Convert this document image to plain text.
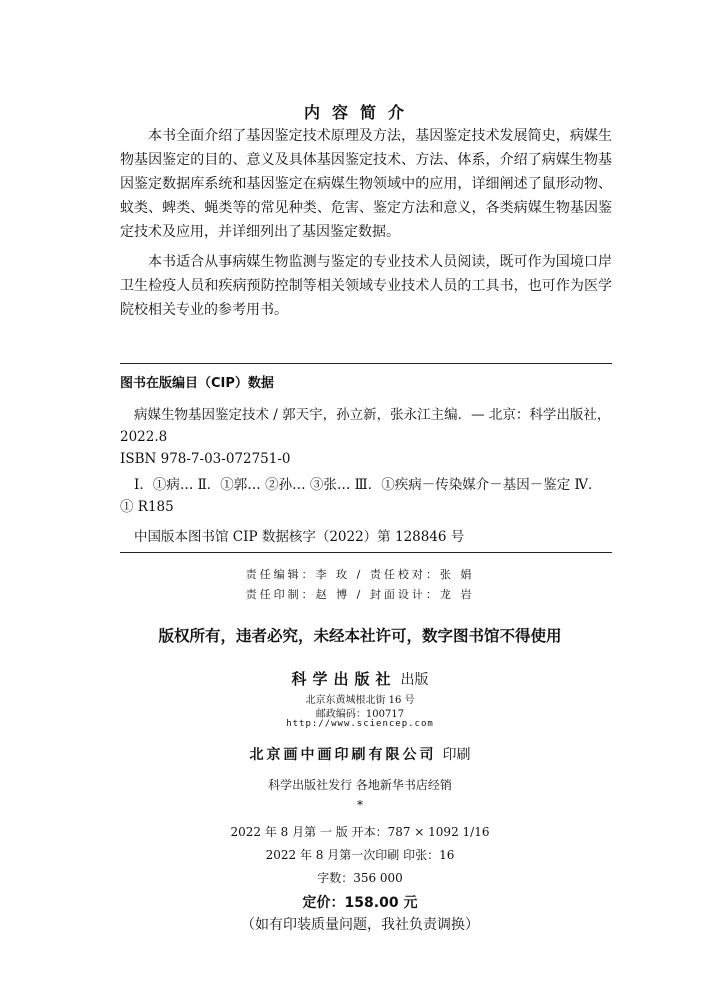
内容简介

本书全面介绍了基因鉴定技术原理及方法，基因鉴定技术发展简史，病媒生物基因鉴定的目的、意义及具体基因鉴定技术、方法、体系，介绍了病媒生物基因鉴定数据库系统和基因鉴定在病媒生物领域中的应用，详细阐述了鼠形动物、蚊类、蜱类、蝇类等的常见种类、危害、鉴定方法和意义，各类病媒生物基因鉴定技术及应用，并详细列出了基因鉴定数据。

本书适合从事病媒生物监测与鉴定的专业技术人员阅读，既可作为国境口岸卫生检疫人员和疾病预防控制等相关领域专业技术人员的工具书，也可作为医学院校相关专业的参考用书。

图书在版编目（CIP）数据

病媒生物基因鉴定技术 / 郭天宇，孙立新，张永江主编．— 北京：科学出版社，2022.8

ISBN 978-7-03-072751-0

Ⅰ．①病… Ⅱ．①郭… ②孙… ③张… Ⅲ．①疾病－传染媒介－基因－鉴定 Ⅳ．① R185

中国版本图书馆 CIP 数据核字（2022）第 128846 号

责任编辑：李 玫 / 责任校对：张 娟
责任印制：赵 博 / 封面设计：龙 岩
版权所有，违者必究，未经本社许可，数字图书馆不得使用
科学出版社 出版
北京东黄城根北街 16 号
邮政编码：100717
http://www.sciencep.com
北京画中画印刷有限公司 印刷
科学出版社发行 各地新华书店经销
*
2022 年 8 月第 一 版 开本：787 × 1092 1/16
2022 年 8 月第一次印刷 印张：16
字数：356 000
定价：158.00 元
（如有印装质量问题，我社负责调换）
